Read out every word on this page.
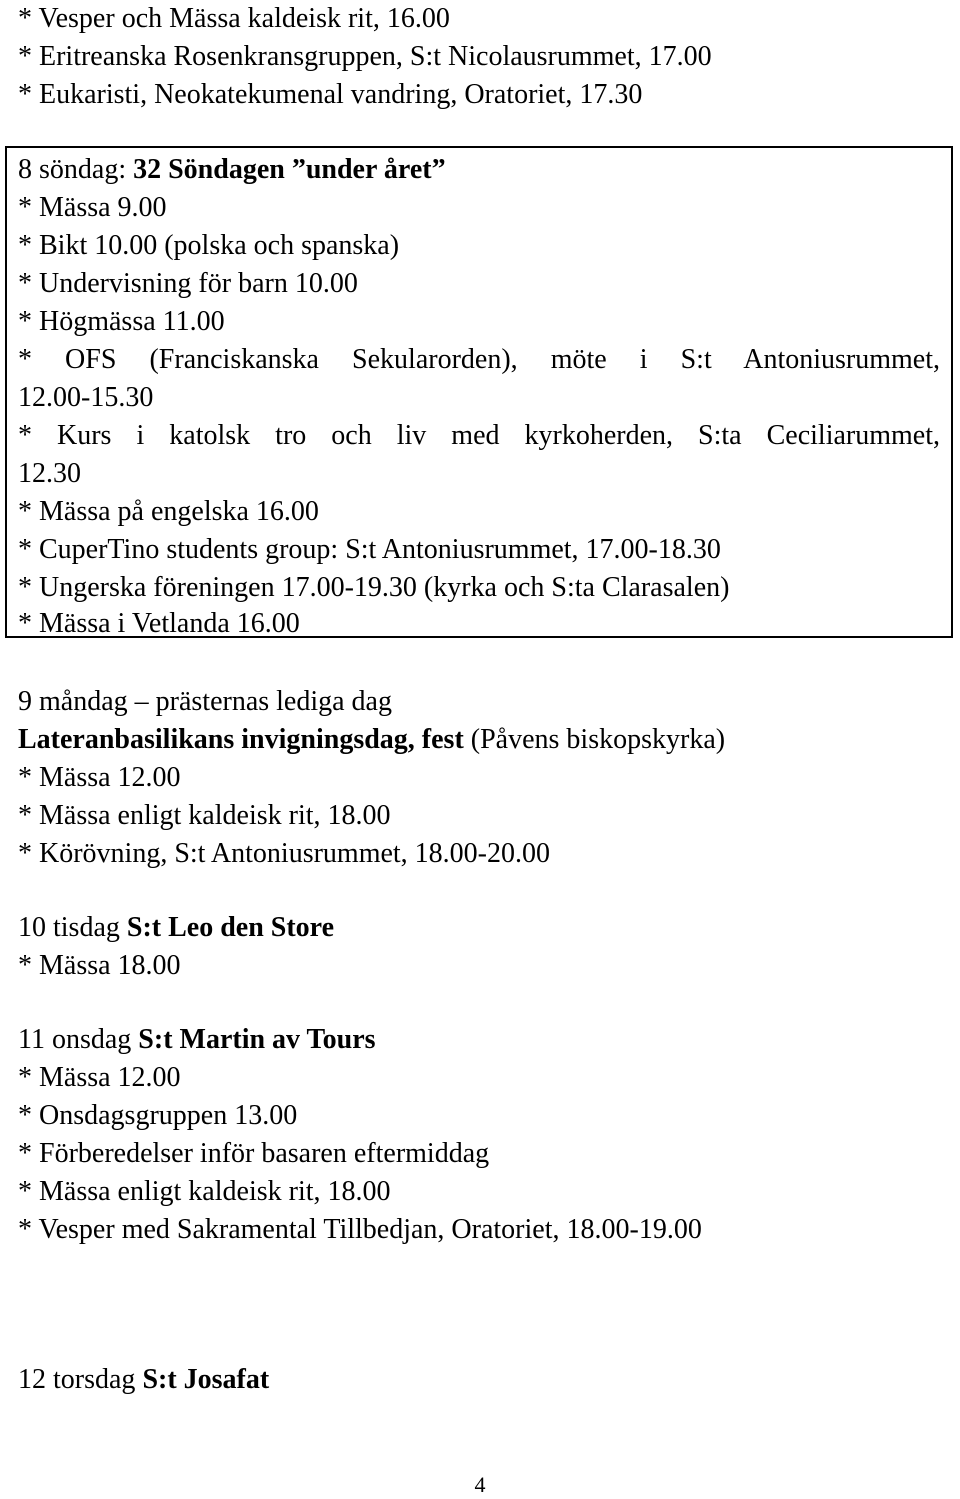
* Vesper och Mässa kaldeisk rit, 16.00

* Eritreanska Rosenkransgruppen, S:t Nicolausrummet, 17.00

* Eukaristi, Neokatekumenal vandring, Oratoriet, 17.30

8 söndag: 32 Söndagen ”under året”

* Mässa 9.00

* Bikt 10.00 (polska och spanska)

* Undervisning för barn 10.00

* Högmässa 11.00

* OFS (Franciskanska Sekularorden), möte i S:t Antoniusrummet,

12.00-15.30

* Kurs i katolsk tro och liv med kyrkoherden, S:ta Ceciliarummet,

12.30

* Mässa på engelska 16.00

* CuperTino students group: S:t Antoniusrummet, 17.00-18.30

* Ungerska föreningen 17.00-19.30 (kyrka och S:ta Clarasalen)

* Mässa i Vetlanda 16.00

9 måndag – prästernas lediga dag

Lateranbasilikans invigningsdag, fest (Påvens biskopskyrka)

* Mässa 12.00

* Mässa enligt kaldeisk rit, 18.00

* Körövning, S:t Antoniusrummet, 18.00-20.00

10 tisdag S:t Leo den Store

* Mässa 18.00

11 onsdag S:t Martin av Tours

* Mässa 12.00

* Onsdagsgruppen 13.00

* Förberedelser inför basaren eftermiddag

* Mässa enligt kaldeisk rit, 18.00

* Vesper med Sakramental Tillbedjan, Oratoriet, 18.00-19.00

12 torsdag S:t Josafat

4
